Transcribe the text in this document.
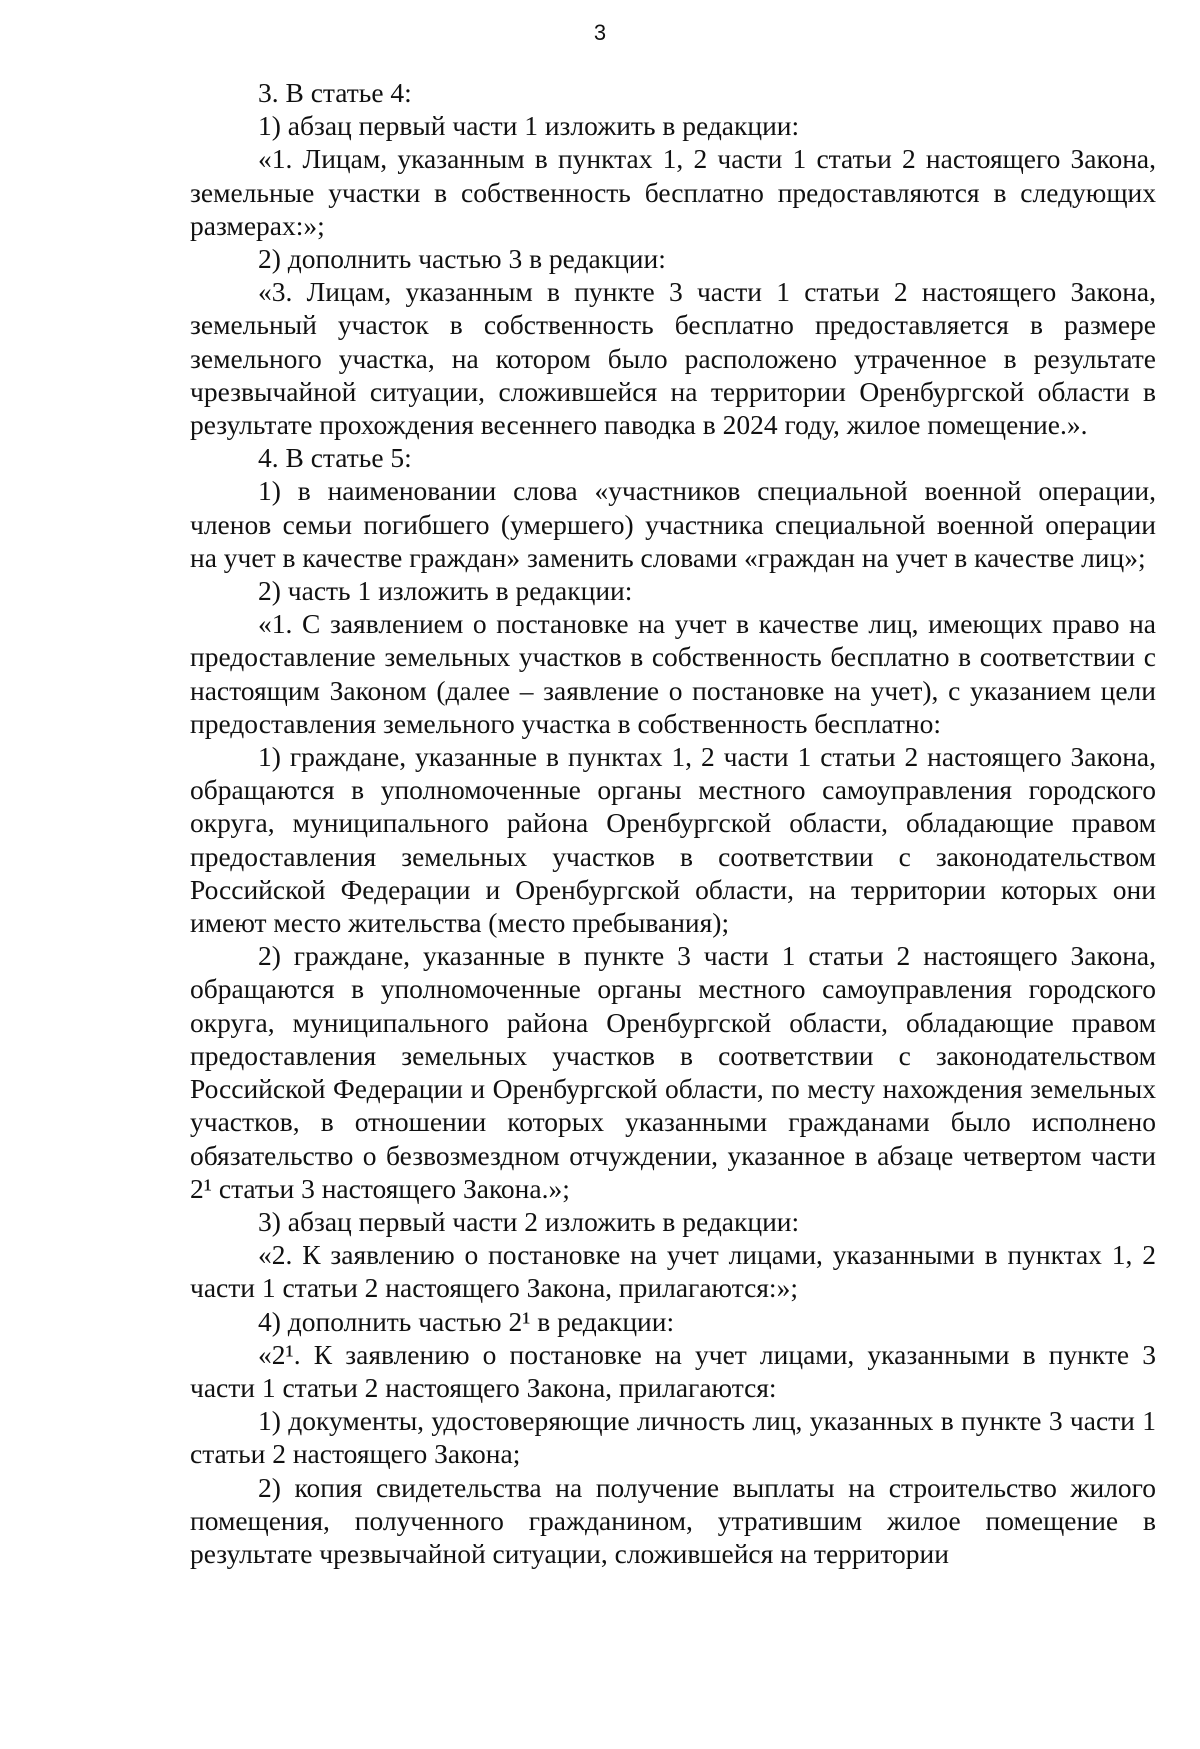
3

3. В статье 4:

1) абзац первый части 1 изложить в редакции:

«1. Лицам, указанным в пунктах 1, 2 части 1 статьи 2 настоящего Закона, земельные участки в собственность бесплатно предоставляются в следующих размерах:»;

2) дополнить частью 3 в редакции:

«3. Лицам, указанным в пункте 3 части 1 статьи 2 настоящего Закона, земельный участок в собственность бесплатно предоставляется в размере земельного участка, на котором было расположено утраченное в результате чрезвычайной ситуации, сложившейся на территории Оренбургской области в результате прохождения весеннего паводка в 2024 году, жилое помещение.».

4. В статье 5:

1) в наименовании слова «участников специальной военной операции, членов семьи погибшего (умершего) участника специальной военной операции на учет в качестве граждан» заменить словами «граждан на учет в качестве лиц»;

2) часть 1 изложить в редакции:

«1. С заявлением о постановке на учет в качестве лиц, имеющих право на предоставление земельных участков в собственность бесплатно в соответствии с настоящим Законом (далее – заявление о постановке на учет), с указанием цели предоставления земельного участка в собственность бесплатно:

1) граждане, указанные в пунктах 1, 2 части 1 статьи 2 настоящего Закона, обращаются в уполномоченные органы местного самоуправления городского округа, муниципального района Оренбургской области, обладающие правом предоставления земельных участков в соответствии с законодательством Российской Федерации и Оренбургской области, на территории которых они имеют место жительства (место пребывания);

2) граждане, указанные в пункте 3 части 1 статьи 2 настоящего Закона, обращаются в уполномоченные органы местного самоуправления городского округа, муниципального района Оренбургской области, обладающие правом предоставления земельных участков в соответствии с законодательством Российской Федерации и Оренбургской области, по месту нахождения земельных участков, в отношении которых указанными гражданами было исполнено обязательство о безвозмездном отчуждении, указанное в абзаце четвертом части 2¹ статьи 3 настоящего Закона.»;

3) абзац первый части 2 изложить в редакции:

«2. К заявлению о постановке на учет лицами, указанными в пунктах 1, 2 части 1 статьи 2 настоящего Закона, прилагаются:»;

4) дополнить частью 2¹ в редакции:

«2¹. К заявлению о постановке на учет лицами, указанными в пункте 3 части 1 статьи 2 настоящего Закона, прилагаются:

1) документы, удостоверяющие личность лиц, указанных в пункте 3 части 1 статьи 2 настоящего Закона;

2) копия свидетельства на получение выплаты на строительство жилого помещения, полученного гражданином, утратившим жилое помещение в результате чрезвычайной ситуации, сложившейся на территории
